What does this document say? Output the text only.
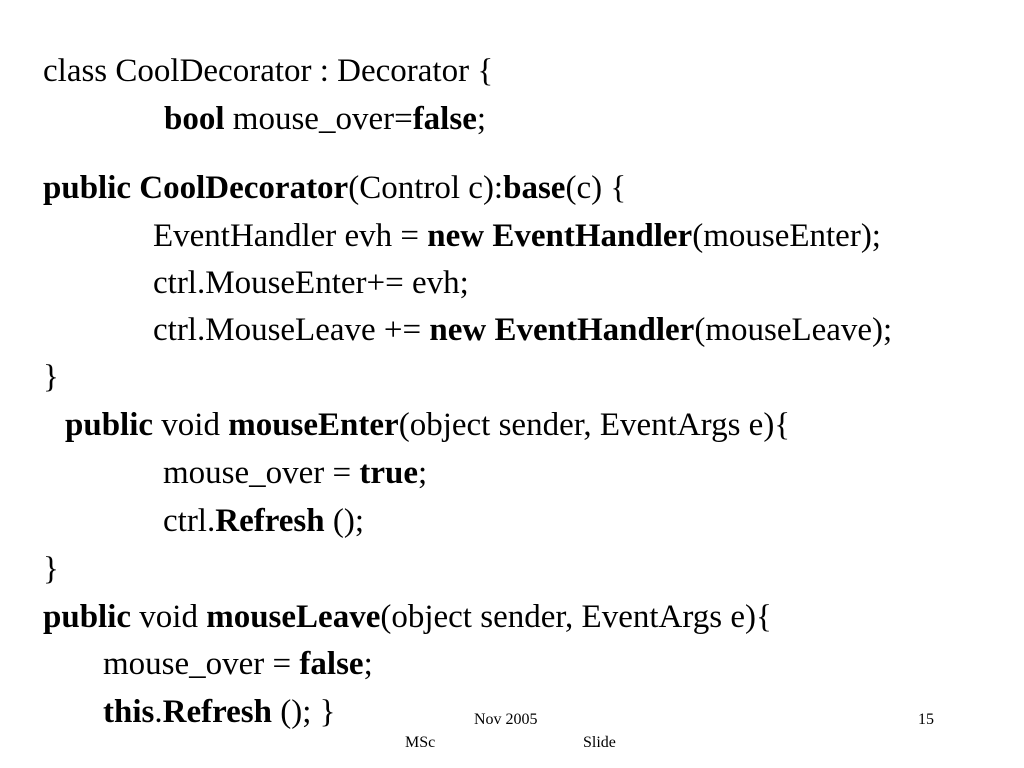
class CoolDecorator : Decorator {

bool mouse_over=false;

public CoolDecorator(Control c):base(c) {

EventHandler evh = new EventHandler(mouseEnter);

ctrl.MouseEnter+= evh;

ctrl.MouseLeave += new EventHandler(mouseLeave);

}

public void mouseEnter(object sender, EventArgs e){

mouse_over = true;

ctrl.Refresh ();

}

public void mouseLeave(object sender, EventArgs e){

mouse_over = false;

this.Refresh (); }
	Nov 2005	15
MSc	Slide
